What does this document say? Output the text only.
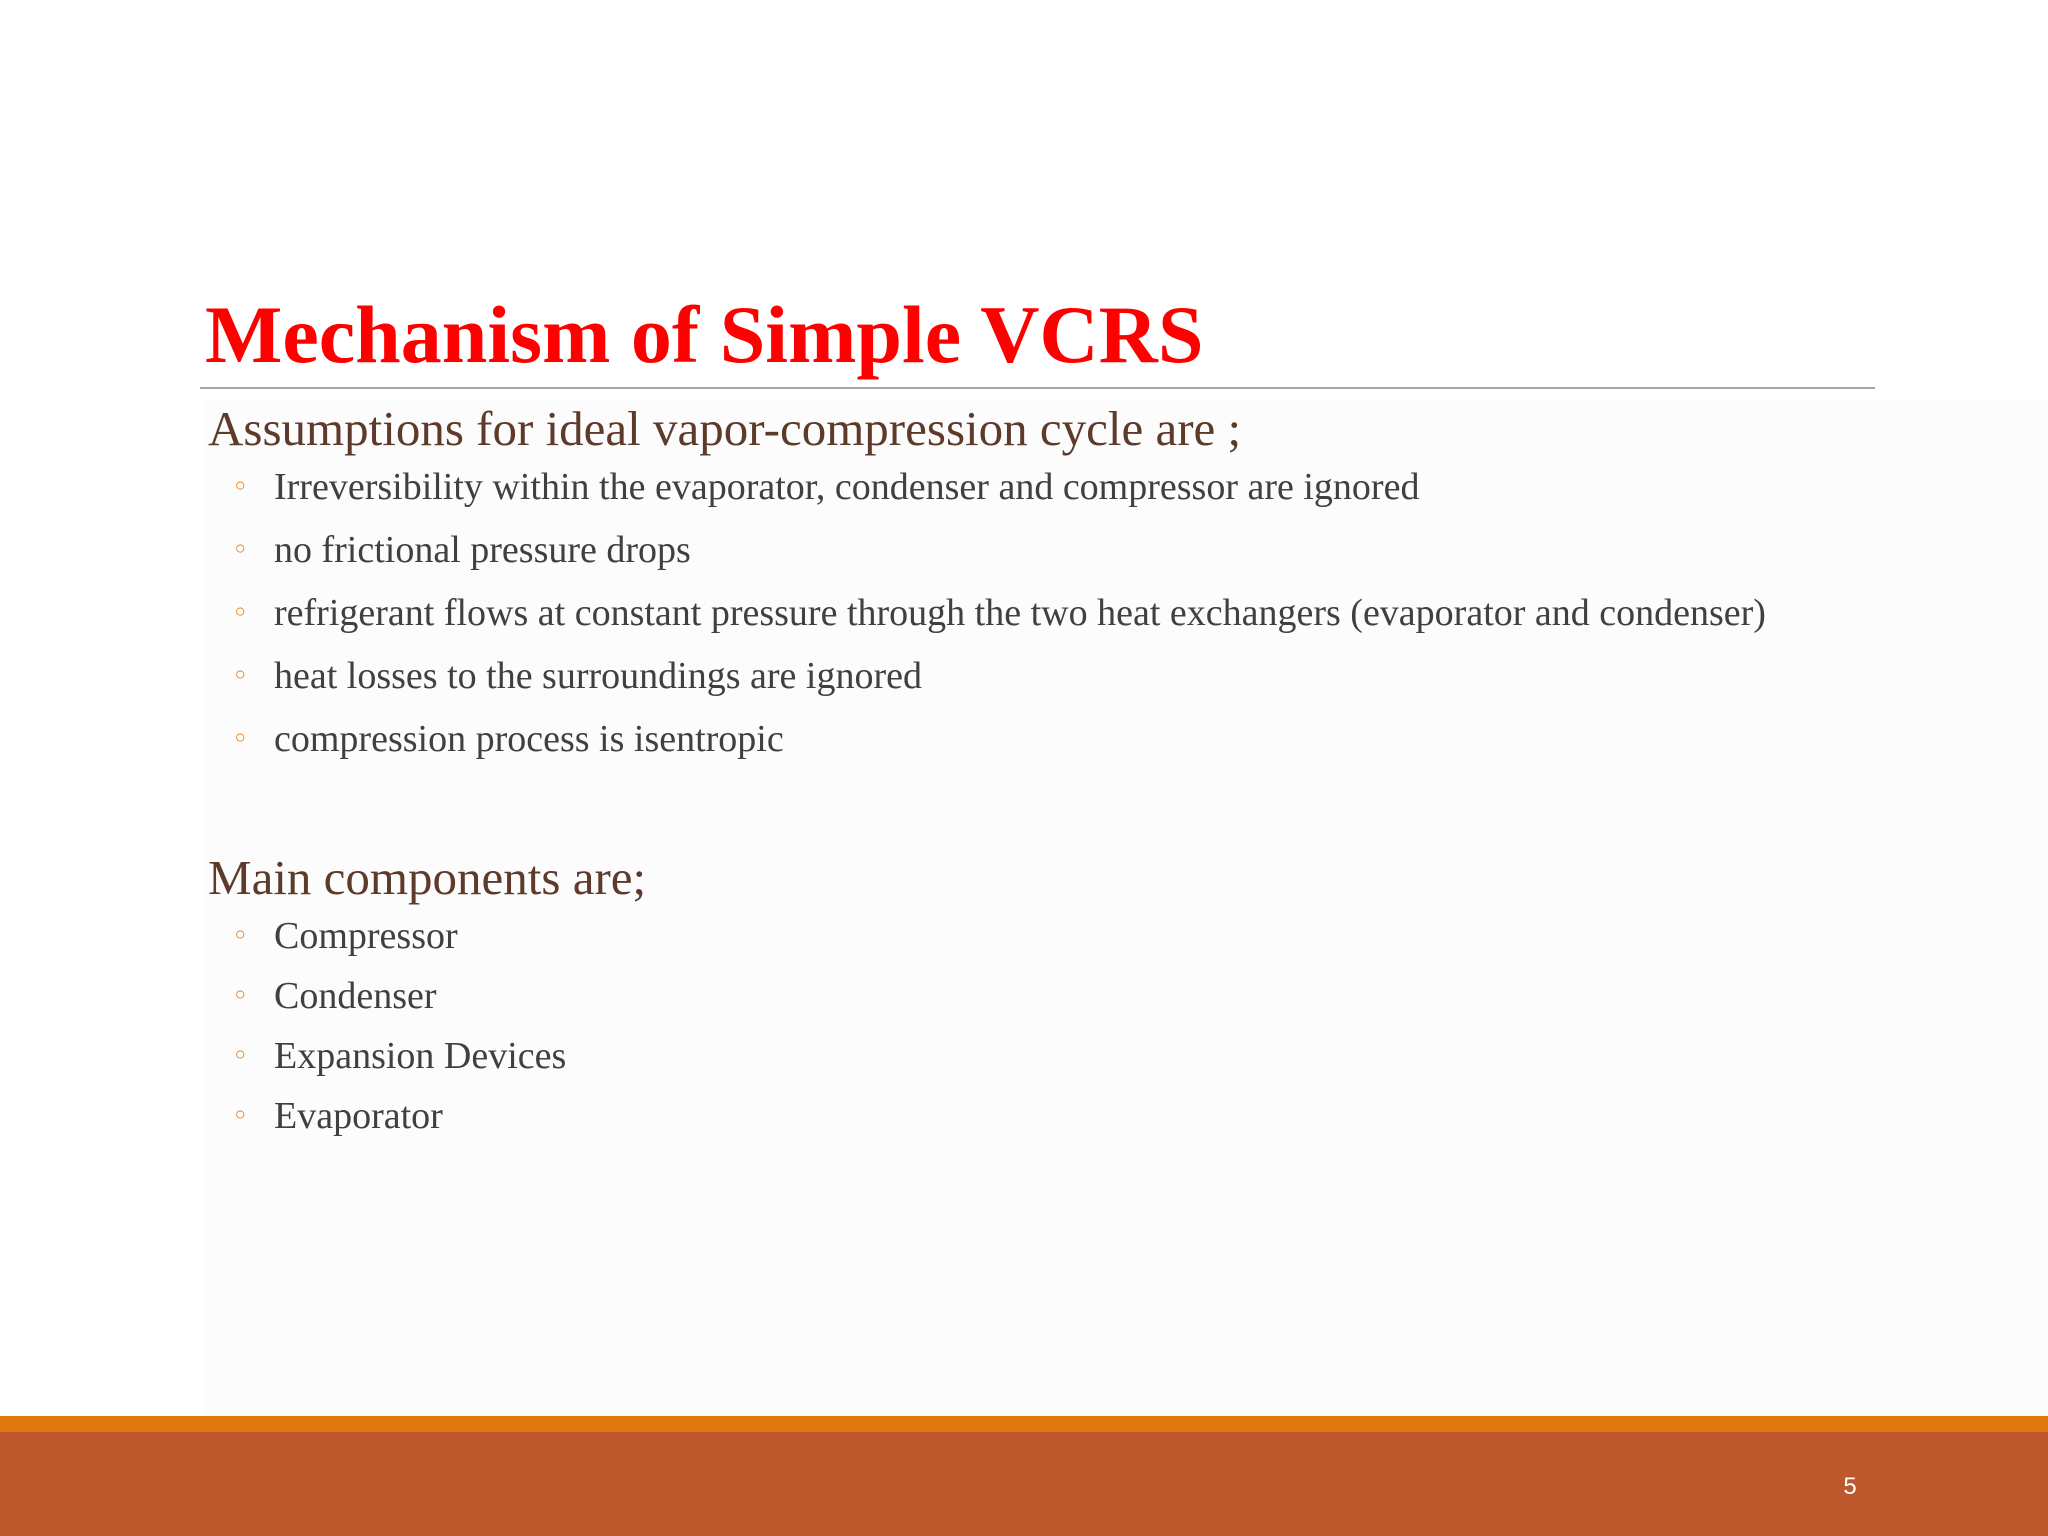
Mechanism of Simple VCRS

Assumptions for ideal vapor-compression cycle are ;

◦ Irreversibility within the evaporator, condenser and compressor are ignored
◦ no frictional pressure drops
◦ refrigerant flows at constant pressure through the two heat exchangers (evaporator and condenser)
◦ heat losses to the surroundings are ignored
◦ compression process is isentropic

Main components are;

◦ Compressor
◦ Condenser
◦ Expansion Devices
◦ Evaporator
5
